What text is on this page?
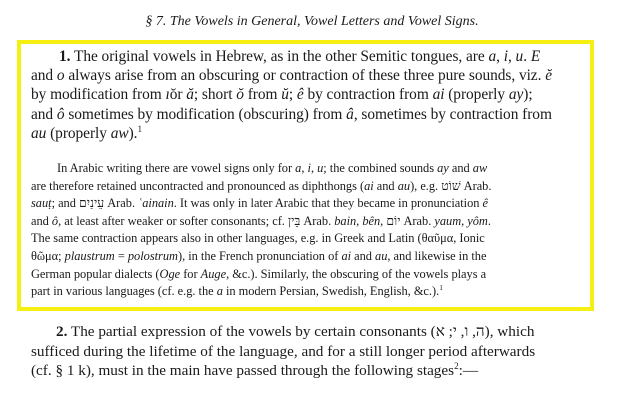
§ 7. The Vowels in General, Vowel Letters and Vowel Signs.
1. The original vowels in Hebrew, as in the other Semitic tongues, are a, i, u. E
and o always arise from an obscuring or contraction of these three pure sounds, viz. ĕ
by modification from ı̆or ă; short ŏ from ŭ; ê by contraction from ai (properly ay);
and ô sometimes by modification (obscuring) from â, sometimes by contraction from
au (properly aw).$^1$
In Arabic writing there are vowel signs only for a, i, u; the combined sounds ay and aw
are therefore retained uncontracted and pronounced as diphthongs (ai and au), e.g. שׁוֹט Arab.
sauṭ; and עֵינַיִם Arab. ʿainain. It was only in later Arabic that they became in pronunciation ê
and ô, at least after weaker or softer consonants; cf. בֵּין Arab. bain, bên, יוֹם Arab. yaum, yôm.
The same contraction appears also in other languages, e.g. in Greek and Latin (θαῦμα, Ionic
θῶμα; plaustrum = polostrum), in the French pronunciation of ai and au, and likewise in the
German popular dialects (Oge for Auge, &c.). Similarly, the obscuring of the vowels plays a
part in various languages (cf. e.g. the a in modern Persian, Swedish, English, &c.).$^1$
2. The partial expression of the vowels by certain consonants (ה, ו, י; א), which
sufficed during the lifetime of the language, and for a still longer period afterwards
(cf. § 1 k), must in the main have passed through the following stages$^2$:—
